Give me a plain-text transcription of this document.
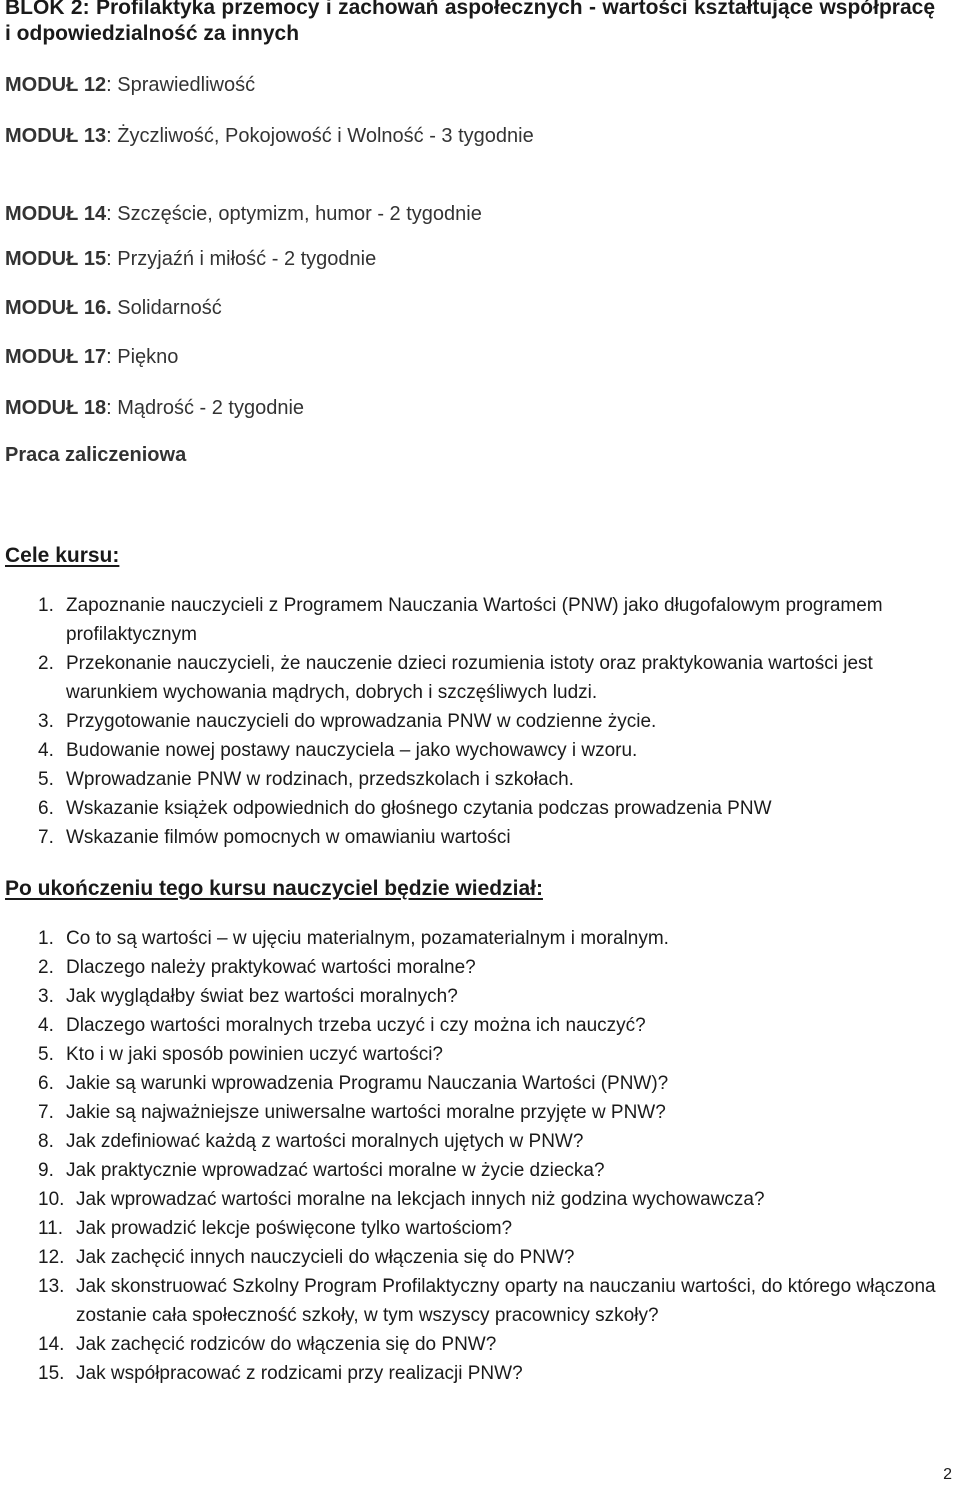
BLOK 2: Profilaktyka przemocy i zachowań aspołecznych - wartości kształtujące współpracę i odpowiedzialność za innych

MODUŁ 12: Sprawiedliwość
MODUŁ 13: Życzliwość, Pokojowość i Wolność - 3 tygodnie
MODUŁ 14: Szczęście, optymizm, humor - 2 tygodnie
MODUŁ 15: Przyjaźń i miłość - 2 tygodnie
MODUŁ 16. Solidarność
MODUŁ 17: Piękno
MODUŁ 18: Mądrość - 2 tygodnie
Praca zaliczeniowa
Cele kursu:
1. Zapoznanie nauczycieli z Programem Nauczania Wartości (PNW) jako długofalowym programem profilaktycznym
2. Przekonanie nauczycieli, że nauczenie dzieci rozumienia istoty oraz praktykowania wartości jest warunkiem wychowania mądrych, dobrych i szczęśliwych ludzi.
3. Przygotowanie nauczycieli do wprowadzania PNW w codzienne życie.
4. Budowanie nowej postawy nauczyciela – jako wychowawcy i wzoru.
5. Wprowadzanie PNW w rodzinach, przedszkolach i szkołach.
6. Wskazanie książek odpowiednich do głośnego czytania podczas prowadzenia PNW
7. Wskazanie filmów pomocnych w omawianiu wartości
Po ukończeniu tego kursu nauczyciel będzie wiedział:
1. Co to są wartości – w ujęciu materialnym, pozamaterialnym i moralnym.
2. Dlaczego należy praktykować wartości moralne?
3. Jak wyglądałby świat bez wartości moralnych?
4. Dlaczego wartości moralnych trzeba uczyć i czy można ich nauczyć?
5. Kto i w jaki sposób powinien uczyć wartości?
6. Jakie są warunki wprowadzenia Programu Nauczania Wartości (PNW)?
7. Jakie są najważniejsze uniwersalne wartości moralne przyjęte w PNW?
8. Jak zdefiniować każdą z wartości moralnych ujętych w PNW?
9. Jak praktycznie wprowadzać wartości moralne w życie dziecka?
10. Jak wprowadzać wartości moralne na lekcjach innych niż godzina wychowawcza?
11. Jak prowadzić lekcje poświęcone tylko wartościom?
12. Jak zachęcić innych nauczycieli do włączenia się do PNW?
13. Jak skonstruować Szkolny Program Profilaktyczny oparty na nauczaniu wartości, do którego włączona zostanie cała społeczność szkoły, w tym wszyscy pracownicy szkoły?
14. Jak zachęcić rodziców do włączenia się do PNW?
15. Jak współpracować z rodzicami przy realizacji PNW?
2
